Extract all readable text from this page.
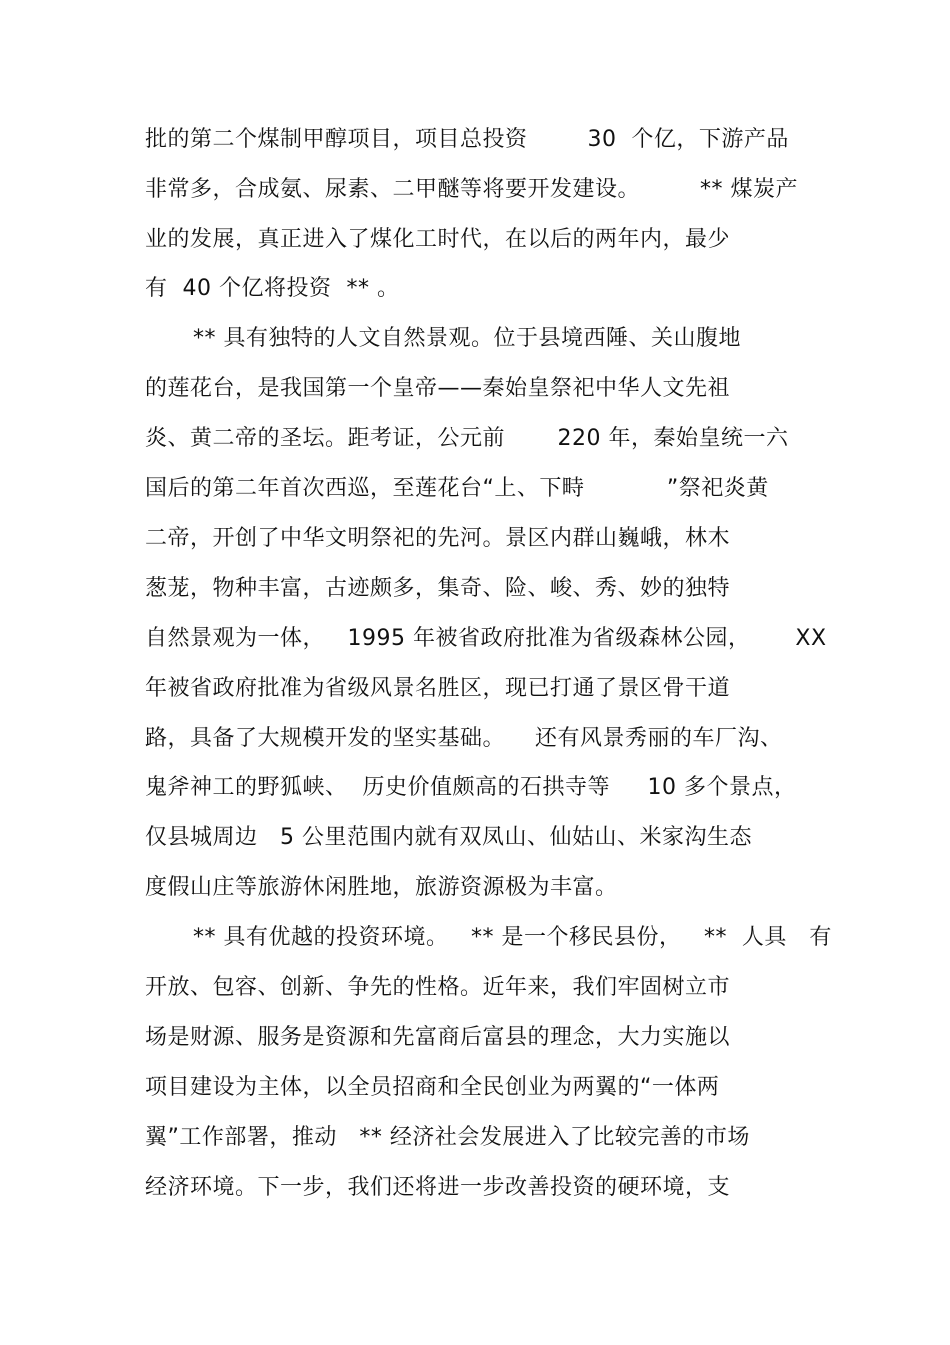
批的第二个煤制甲醇项目，项目总投资        30  个亿，下游产品
非常多，合成氨、尿素、二甲醚等将要开发建设。        ** 煤炭产
业的发展，真正进入了煤化工时代，在以后的两年内，最少
有  40 个亿将投资  ** 。
** 具有独特的人文自然景观。位于县境西陲、关山腹地
的莲花台，是我国第一个皇帝——秦始皇祭祀中华人文先祖
炎、黄二帝的圣坛。距考证，公元前       220 年，秦始皇统一六
国后的第二年首次西巡，至莲花台“上、下畤           ”祭祀炎黄
二帝，开创了中华文明祭祀的先河。景区内群山巍峨，林木
葱茏，物种丰富，古迹颇多，集奇、险、峻、秀、妙的独特
自然景观为一体，   1995 年被省政府批准为省级森林公园，      XX
年被省政府批准为省级风景名胜区，现已打通了景区骨干道
路，具备了大规模开发的坚实基础。    还有风景秀丽的车厂沟、
鬼斧神工的野狐峡、  历史价值颇高的石拱寺等     10 多个景点，
仅县城周边   5 公里范围内就有双凤山、仙姑山、米家沟生态
度假山庄等旅游休闲胜地，旅游资源极为丰富。
** 具有优越的投资环境。   ** 是一个移民县份，   **  人具   有
开放、包容、创新、争先的性格。近年来，我们牢固树立市
场是财源、服务是资源和先富商后富县的理念，大力实施以
项目建设为主体，以全员招商和全民创业为两翼的“一体两
翼”工作部署，推动   ** 经济社会发展进入了比较完善的市场
经济环境。下一步，我们还将进一步改善投资的硬环境，支
